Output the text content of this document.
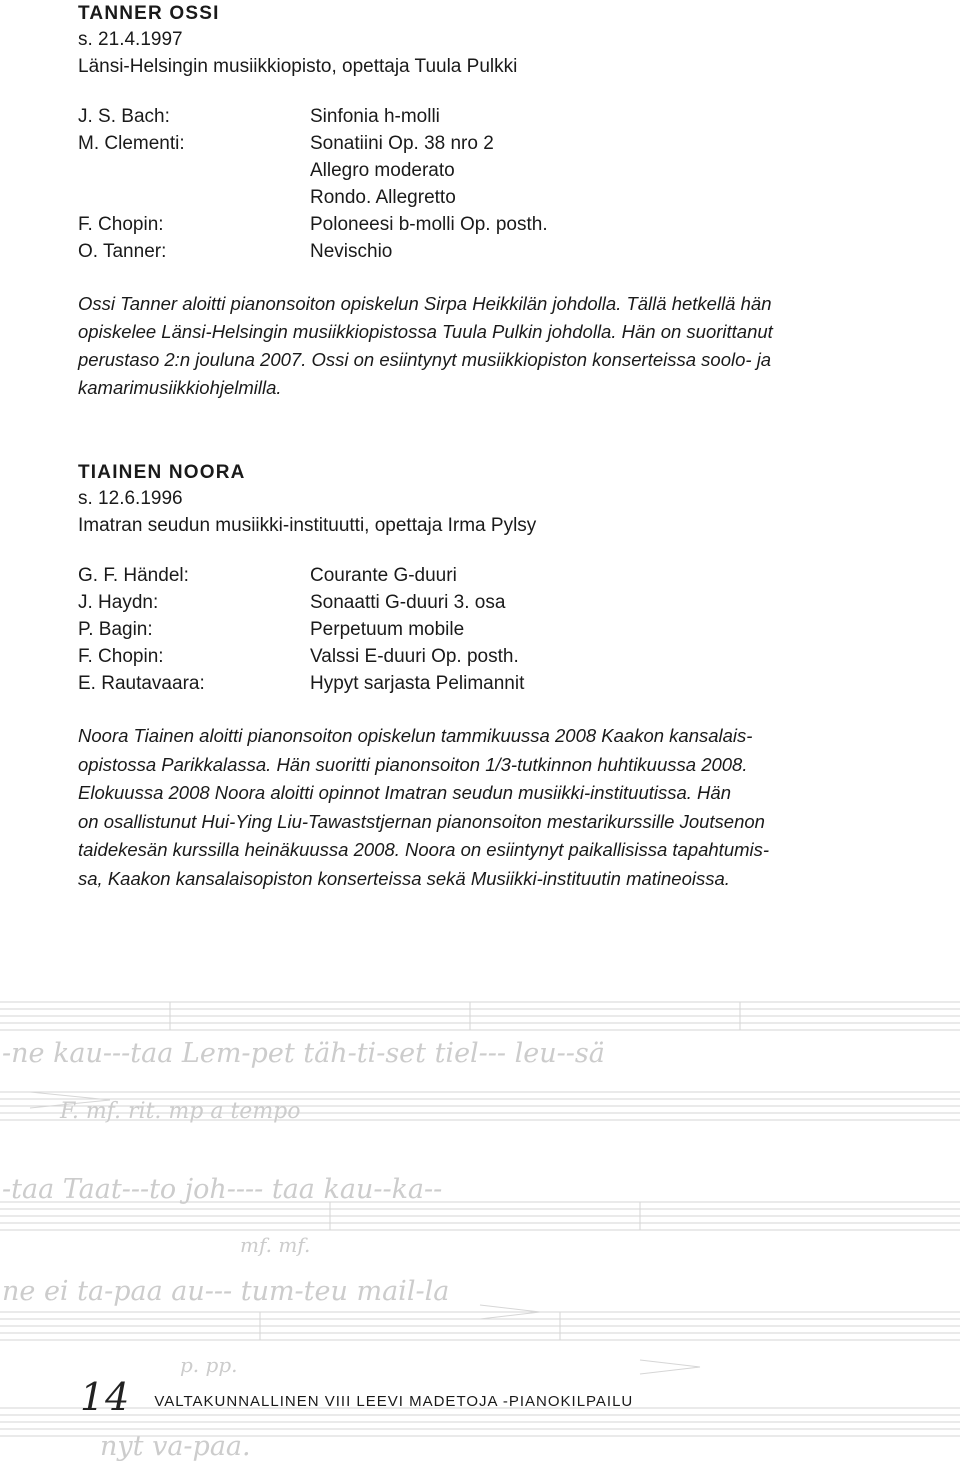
TANNER OSSI
s. 21.4.1997
Länsi-Helsingin musiikkiopisto, opettaja Tuula Pulkki
J. S. Bach:	Sinfonia h-molli
M. Clementi:	Sonatiini Op. 38 nro 2
Allegro moderato
Rondo. Allegretto
F. Chopin:	Poloneesi b-molli Op. posth.
O. Tanner:	Nevischio
Ossi Tanner aloitti pianonsoiton opiskelun Sirpa Heikkilän johdolla. Tällä hetkellä hän
opiskelee Länsi-Helsingin musiikkiopistossa Tuula Pulkin johdolla. Hän on suorittanut
perustaso 2:n jouluna 2007. Ossi on esiintynyt musiikkiopiston konserteissa soolo- ja
kamarimusiikkiohjelmilla.
TIAINEN NOORA
s. 12.6.1996
Imatran seudun musiikki-instituutti, opettaja Irma Pylsy
G. F. Händel:	Courante G-duuri
J. Haydn:	Sonaatti G-duuri 3. osa
P. Bagin:	Perpetuum mobile
F. Chopin:	Valssi E-duuri Op. posth.
E. Rautavaara:	Hypyt sarjasta Pelimannit
Noora Tiainen aloitti pianonsoiton opiskelun tammikuussa 2008 Kaakon kansalais-
opistossa Parikkalassa. Hän suoritti pianonsoiton 1/3-tutkinnon huhtikuussa 2008.
Elokuussa 2008 Noora aloitti opinnot Imatran seudun musiikki-instituutissa. Hän
on osallistunut Hui-Ying Liu-Tawaststjernan pianonsoiton mestarikurssille Joutsenon
taidekesän kurssilla heinäkuussa 2008. Noora on esiintynyt paikallisissa tapahtumis-
sa, Kaakon kansalaisopiston konserteissa sekä Musiikki-instituutin matineoissa.
-ne kau---taa Lem-pet täh-ti-set tiel--- leu--sä
F. mf. rit. mp a tempo
-taa Taat---to joh---- taa kau--ka--
mf. mf.
ne ei ta-paa au--- tum-teu mail-la
p. pp.
nyt va-paa.
14 VALTAKUNNALLINEN VIII LEEVI MADETOJA -PIANOKILPAILU
